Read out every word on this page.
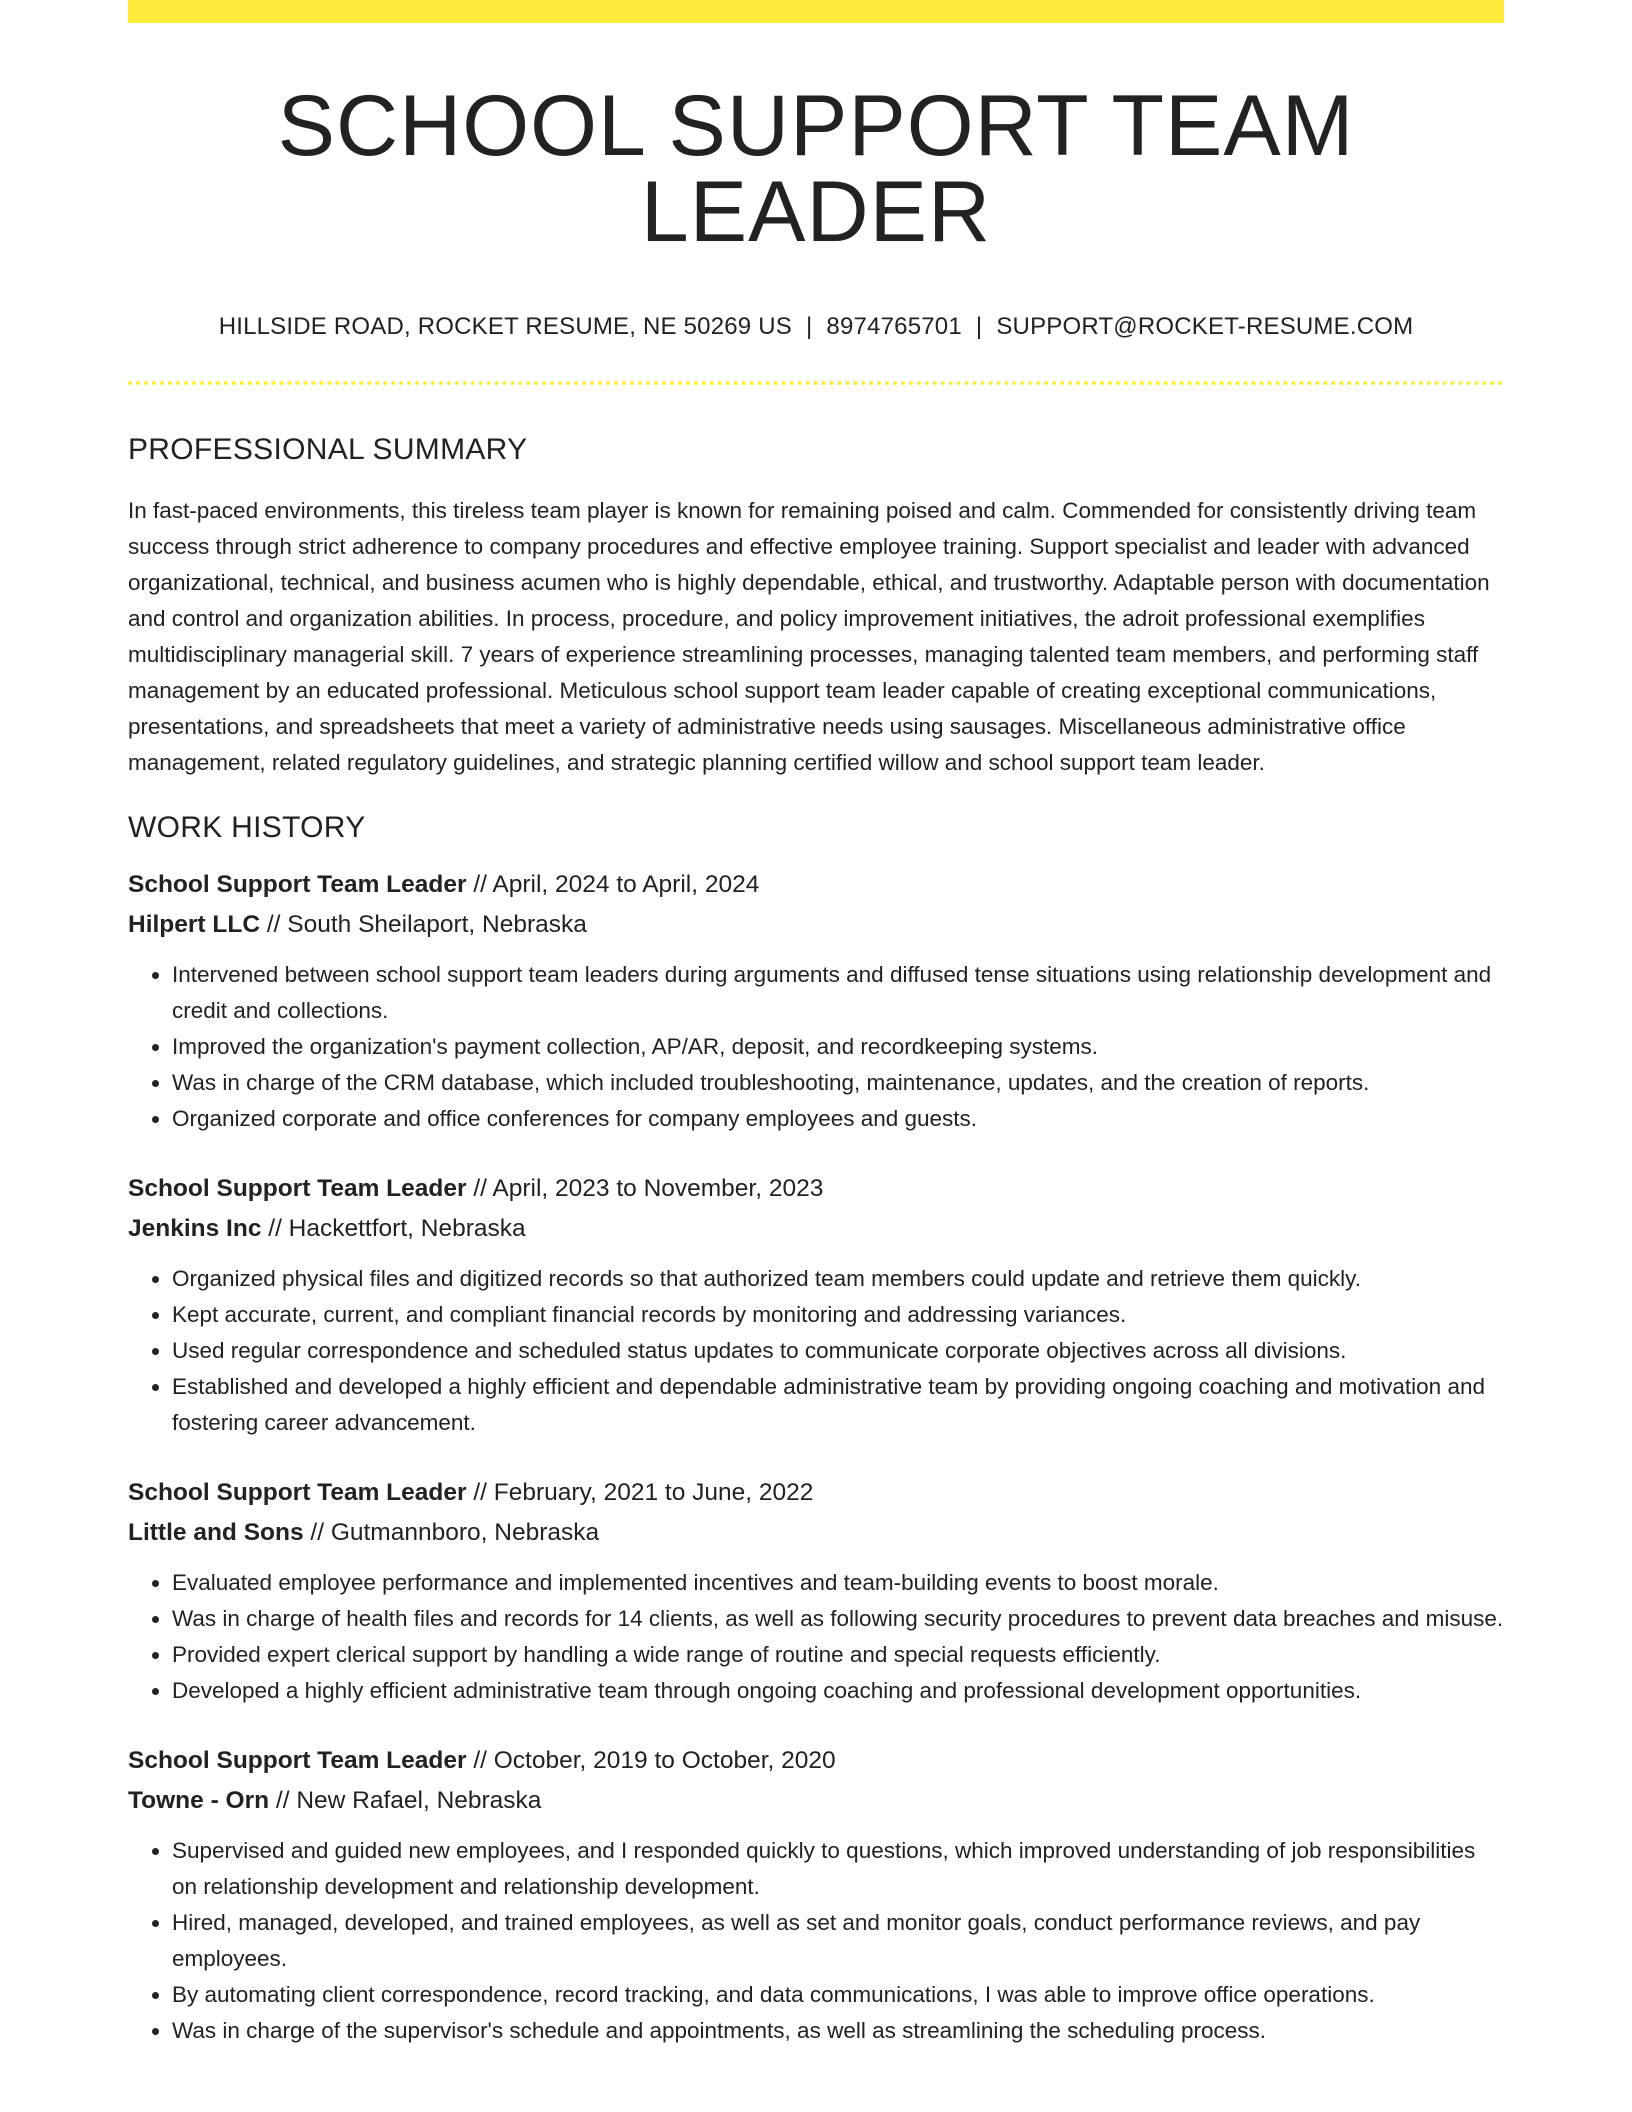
SCHOOL SUPPORT TEAM LEADER
HILLSIDE ROAD, ROCKET RESUME, NE 50269 US | 8974765701 | SUPPORT@ROCKET-RESUME.COM
PROFESSIONAL SUMMARY

In fast-paced environments, this tireless team player is known for remaining poised and calm. Commended for consistently driving team success through strict adherence to company procedures and effective employee training. Support specialist and leader with advanced organizational, technical, and business acumen who is highly dependable, ethical, and trustworthy. Adaptable person with documentation and control and organization abilities. In process, procedure, and policy improvement initiatives, the adroit professional exemplifies multidisciplinary managerial skill. 7 years of experience streamlining processes, managing talented team members, and performing staff management by an educated professional. Meticulous school support team leader capable of creating exceptional communications, presentations, and spreadsheets that meet a variety of administrative needs using sausages. Miscellaneous administrative office management, related regulatory guidelines, and strategic planning certified willow and school support team leader.

WORK HISTORY
School Support Team Leader // April, 2024 to April, 2024
Hilpert LLC // South Sheilaport, Nebraska
• Intervened between school support team leaders during arguments and diffused tense situations using relationship development and credit and collections.
• Improved the organization's payment collection, AP/AR, deposit, and recordkeeping systems.
• Was in charge of the CRM database, which included troubleshooting, maintenance, updates, and the creation of reports.
• Organized corporate and office conferences for company employees and guests.
School Support Team Leader // April, 2023 to November, 2023
Jenkins Inc // Hackettfort, Nebraska
• Organized physical files and digitized records so that authorized team members could update and retrieve them quickly.
• Kept accurate, current, and compliant financial records by monitoring and addressing variances.
• Used regular correspondence and scheduled status updates to communicate corporate objectives across all divisions.
• Established and developed a highly efficient and dependable administrative team by providing ongoing coaching and motivation and fostering career advancement.
School Support Team Leader // February, 2021 to June, 2022
Little and Sons // Gutmannboro, Nebraska
• Evaluated employee performance and implemented incentives and team-building events to boost morale.
• Was in charge of health files and records for 14 clients, as well as following security procedures to prevent data breaches and misuse.
• Provided expert clerical support by handling a wide range of routine and special requests efficiently.
• Developed a highly efficient administrative team through ongoing coaching and professional development opportunities.
School Support Team Leader // October, 2019 to October, 2020
Towne - Orn // New Rafael, Nebraska
• Supervised and guided new employees, and I responded quickly to questions, which improved understanding of job responsibilities on relationship development and relationship development.
• Hired, managed, developed, and trained employees, as well as set and monitor goals, conduct performance reviews, and pay employees.
• By automating client correspondence, record tracking, and data communications, I was able to improve office operations.
• Was in charge of the supervisor's schedule and appointments, as well as streamlining the scheduling process.
